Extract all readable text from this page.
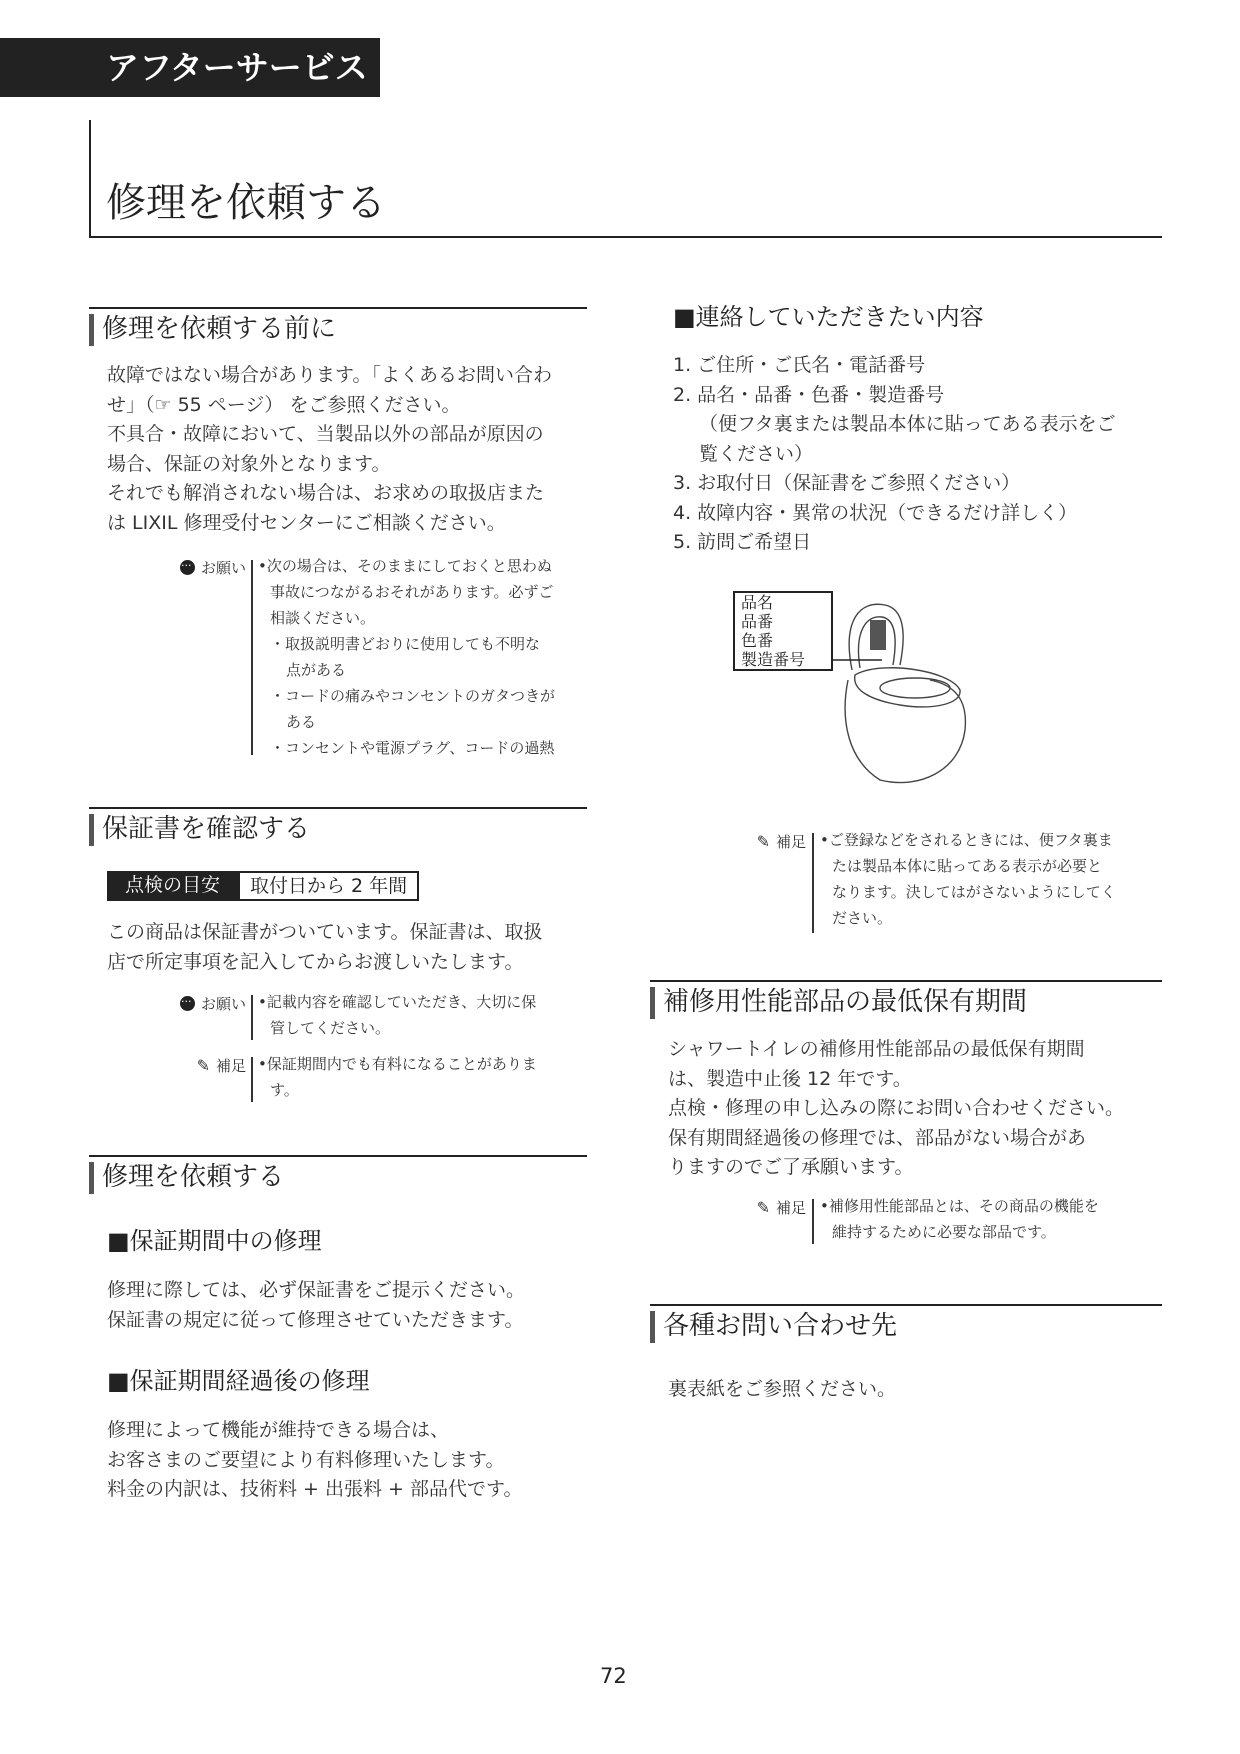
アフターサービス
修理を依頼する
修理を依頼する前に
故障ではない場合があります。「よくあるお問い合わ
せ」（☞ 55 ページ） をご参照ください。
不具合・故障において、当製品以外の部品が原因の
場合、保証の対象外となります。
それでも解消されない場合は、お求めの取扱店また
は LIXIL 修理受付センターにご相談ください。
···お願い •次の場合は、そのままにしておくと思わぬ
事故につながるおそれがあります。必ずご
相談ください。
・取扱説明書どおりに使用しても不明な
点がある
・コードの痛みやコンセントのガタつきが
ある
・コンセントや電源プラグ、コードの過熱
保証書を確認する
点検の目安	取付日から 2 年間
この商品は保証書がついています。保証書は、取扱
店で所定事項を記入してからお渡しいたします。
···お願い •記載内容を確認していただき、大切に保
管してください。
✎ 補足 •保証期間内でも有料になることがありま
す。
修理を依頼する
■保証期間中の修理
修理に際しては、必ず保証書をご提示ください。
保証書の規定に従って修理させていただきます。
■保証期間経過後の修理
修理によって機能が維持できる場合は、
お客さまのご要望により有料修理いたします。
料金の内訳は、技術料 + 出張料 + 部品代です。
■連絡していただきたい内容
1. ご住所・ご氏名・電話番号
2. 品名・品番・色番・製造番号
（便フタ裏または製品本体に貼ってある表示をご
覧ください）
3. お取付日（保証書をご参照ください）
4. 故障内容・異常の状況（できるだけ詳しく）
5. 訪問ご希望日
品名
品番
色番
製造番号
✎ 補足 •ご登録などをされるときには、便フタ裏ま
たは製品本体に貼ってある表示が必要と
なります。決してはがさないようにしてく
ださい。
補修用性能部品の最低保有期間
シャワートイレの補修用性能部品の最低保有期間
は、製造中止後 12 年です。
点検・修理の申し込みの際にお問い合わせください。
保有期間経過後の修理では、部品がない場合があ
りますのでご了承願います。
✎ 補足 •補修用性能部品とは、その商品の機能を
維持するために必要な部品です。
各種お問い合わせ先
裏表紙をご参照ください。
72
